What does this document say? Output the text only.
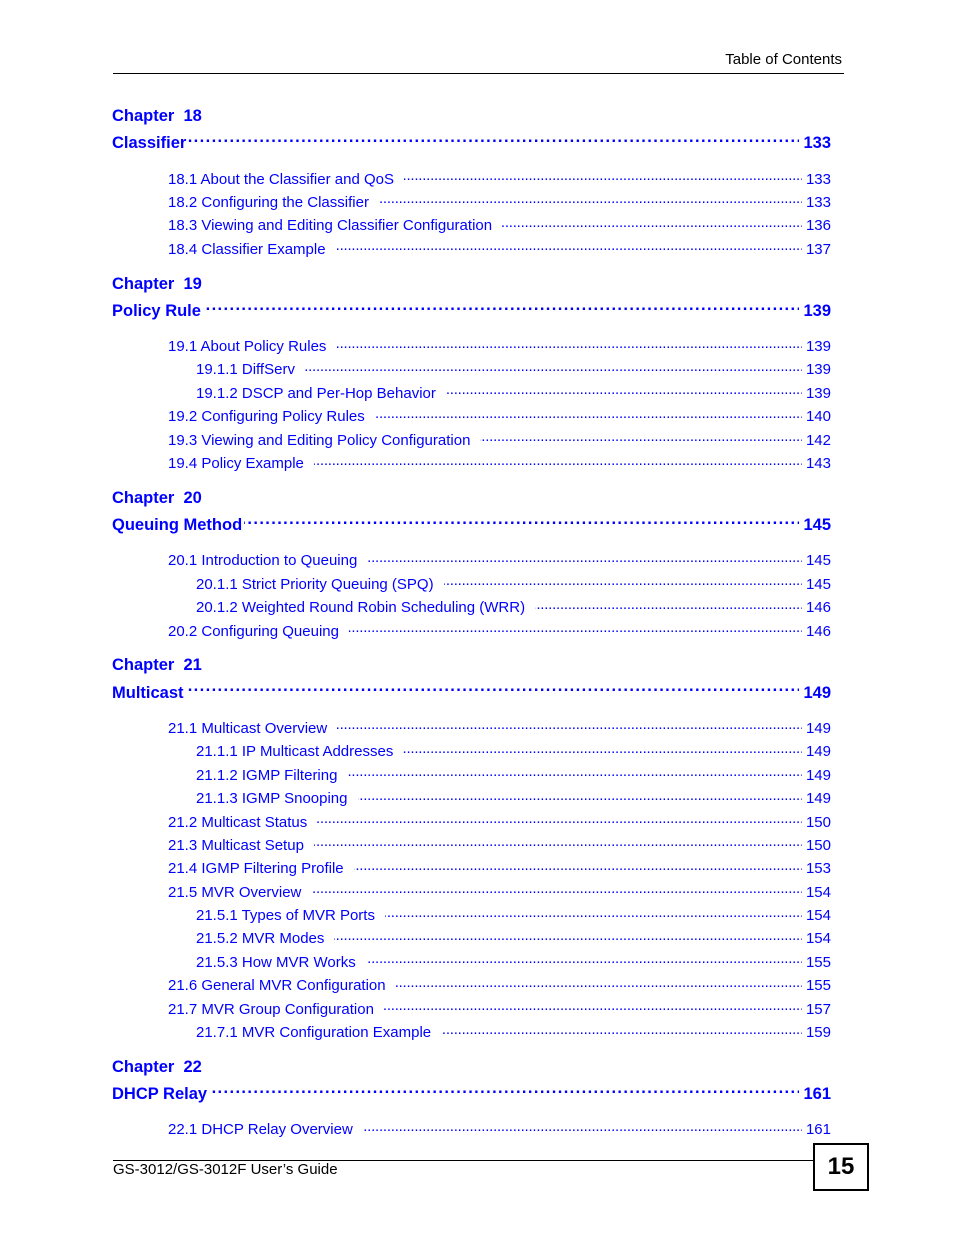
Table of Contents
Chapter  18
Classifier . . .	133
18.1 About the Classifier and QoS . . .	133
18.2 Configuring the Classifier . . .	133
18.3 Viewing and Editing Classifier Configuration . . .	136
18.4 Classifier Example . . .	137
Chapter  19
Policy Rule . . .	139
19.1 About Policy Rules . . .	139
19.1.1 DiffServ . . .	139
19.1.2 DSCP and Per-Hop Behavior . . .	139
19.2 Configuring Policy Rules . . .	140
19.3 Viewing and Editing Policy Configuration . . .	142
19.4 Policy Example . . .	143
Chapter  20
Queuing Method . . .	145
20.1 Introduction to Queuing . . .	145
20.1.1 Strict Priority Queuing (SPQ) . . .	145
20.1.2 Weighted Round Robin Scheduling (WRR) . . .	146
20.2 Configuring Queuing . . .	146
Chapter  21
Multicast . . .	149
21.1 Multicast Overview . . .	149
21.1.1 IP Multicast Addresses . . .	149
21.1.2 IGMP Filtering . . .	149
21.1.3 IGMP Snooping . . .	149
21.2 Multicast Status . . .	150
21.3 Multicast Setup . . .	150
21.4 IGMP Filtering Profile . . .	153
21.5 MVR Overview . . .	154
21.5.1 Types of MVR Ports . . .	154
21.5.2 MVR Modes . . .	154
21.5.3 How MVR Works . . .	155
21.6 General MVR Configuration . . .	155
21.7 MVR Group Configuration . . .	157
21.7.1 MVR Configuration Example . . .	159
Chapter  22
DHCP Relay . . .	161
22.1 DHCP Relay Overview . . .	161
GS-3012/GS-3012F User’s Guide	15
